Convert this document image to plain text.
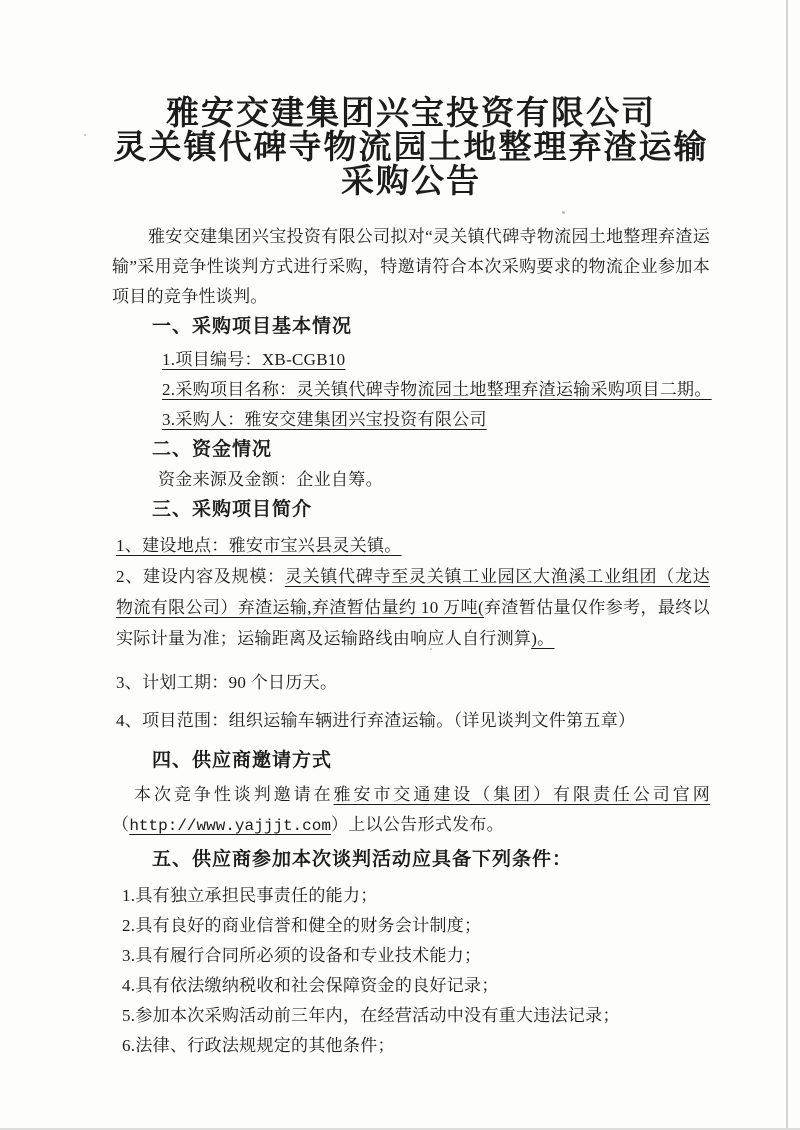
雅安交建集团兴宝投资有限公司
灵关镇代碑寺物流园土地整理弃渣运输
采购公告

雅安交建集团兴宝投资有限公司拟对“灵关镇代碑寺物流园土地整理弃渣运输”采用竞争性谈判方式进行采购，特邀请符合本次采购要求的物流企业参加本项目的竞争性谈判。

一、采购项目基本情况

1.项目编号：XB-CGB10

2.采购项目名称：灵关镇代碑寺物流园土地整理弃渣运输采购项目二期。

3.采购人：雅安交建集团兴宝投资有限公司

二、资金情况

资金来源及金额：企业自筹。

三、采购项目简介

1、建设地点：雅安市宝兴县灵关镇。

2、建设内容及规模：灵关镇代碑寺至灵关镇工业园区大渔溪工业组团（龙达物流有限公司）弃渣运输,弃渣暂估量约 10 万吨(弃渣暂估量仅作参考，最终以实际计量为准；运输距离及运输路线由响应人自行测算)。

3、计划工期：90 个日历天。

4、项目范围：组织运输车辆进行弃渣运输。（详见谈判文件第五章）

四、供应商邀请方式

本次竞争性谈判邀请在雅安市交通建设（集团）有限责任公司官网（http://www.yajjjt.com）上以公告形式发布。

五、供应商参加本次谈判活动应具备下列条件：

1.具有独立承担民事责任的能力；

2.具有良好的商业信誉和健全的财务会计制度；

3.具有履行合同所必须的设备和专业技术能力；

4.具有依法缴纳税收和社会保障资金的良好记录；

5.参加本次采购活动前三年内，在经营活动中没有重大违法记录；

6.法律、行政法规规定的其他条件；
